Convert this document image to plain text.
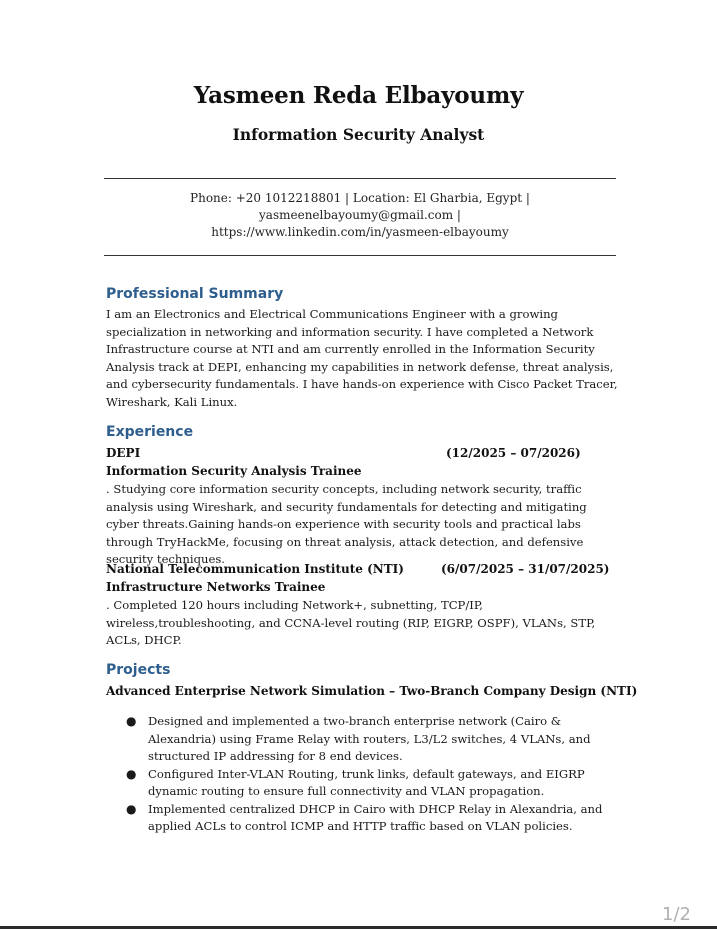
Yasmeen Reda Elbayoumy
Information Security Analyst
Phone: +20 1012218801 | Location: El Gharbia, Egypt | yasmeenelbayoumy@gmail.com |
https://www.linkedin.com/in/yasmeen-elbayoumy
Professional Summary
I am an Electronics and Electrical Communications Engineer with a growing specialization in networking and information security. I have completed a Network Infrastructure course at NTI and am currently enrolled in the Information Security Analysis track at DEPI, enhancing my capabilities in network defense, threat analysis, and cybersecurity fundamentals. I have hands-on experience with Cisco Packet Tracer, Wireshark, Kali Linux.
Experience
DEPI	(12/2025 – 07/2026)
Information Security Analysis Trainee
. Studying core information security concepts, including network security, traffic analysis using Wireshark, and security fundamentals for detecting and mitigating cyber threats.Gaining hands-on experience with security tools and practical labs through TryHackMe, focusing on threat analysis, attack detection, and defensive security techniques.
National Telecommunication Institute (NTI)	(6/07/2025 – 31/07/2025)
Infrastructure Networks Trainee
. Completed 120 hours including Network+, subnetting, TCP/IP, wireless,troubleshooting, and CCNA-level routing (RIP, EIGRP, OSPF), VLANs, STP, ACLs, DHCP.
Projects
Advanced Enterprise Network Simulation – Two-Branch Company Design (NTI)
● Designed and implemented a two-branch enterprise network (Cairo & Alexandria) using Frame Relay with routers, L3/L2 switches, 4 VLANs, and structured IP addressing for 8 end devices.
● Configured Inter-VLAN Routing, trunk links, default gateways, and EIGRP dynamic routing to ensure full connectivity and VLAN propagation.
● Implemented centralized DHCP in Cairo with DHCP Relay in Alexandria, and applied ACLs to control ICMP and HTTP traffic based on VLAN policies.
1/2
